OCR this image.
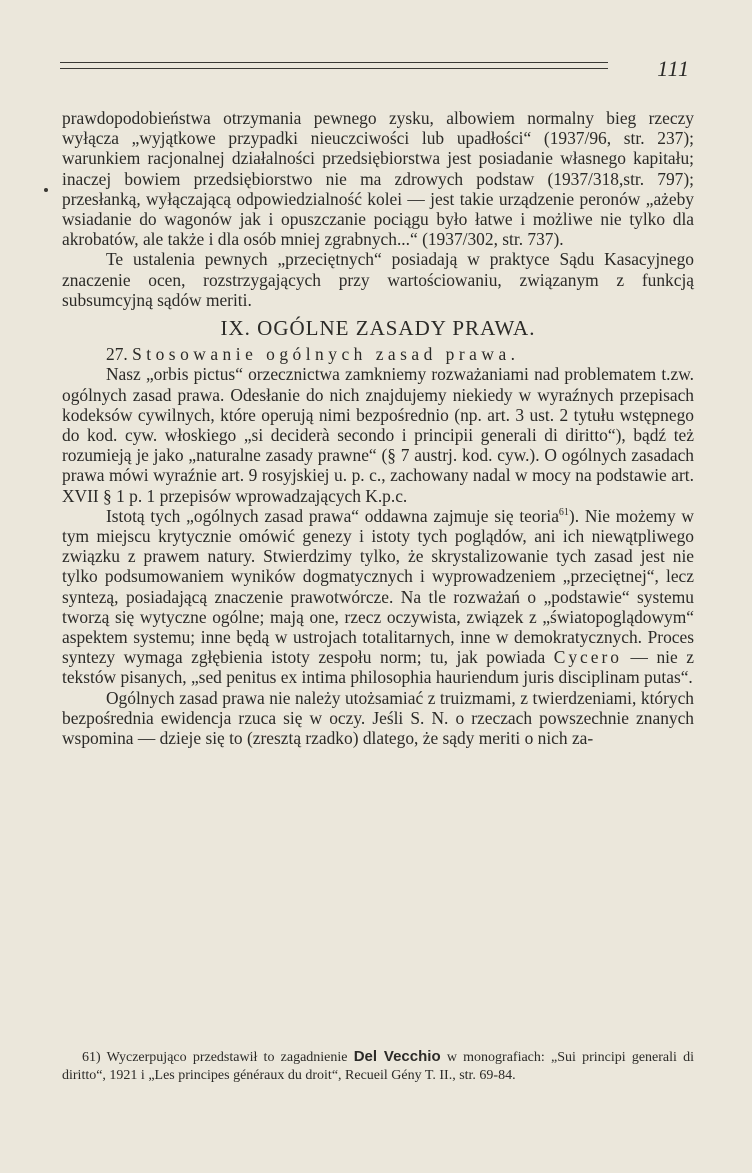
111

prawdopodobieństwa otrzymania pewnego zysku, albowiem normalny bieg rzeczy wyłącza „wyjątkowe przypadki nieuczciwości lub upadłości“ (1937/96, str. 237); warunkiem racjonalnej działalności przedsiębiorstwa jest posiadanie własnego kapitału; inaczej bowiem przedsiębiorstwo nie ma zdrowych podstaw (1937/318,str. 797); przesłanką, wyłączającą odpowiedzialność kolei — jest takie urządzenie peronów „ażeby wsiadanie do wagonów jak i opuszczanie pociągu było łatwe i możliwe nie tylko dla akrobatów, ale także i dla osób mniej zgrabnych...“ (1937/302, str. 737).

Te ustalenia pewnych „przeciętnych“ posiadają w praktyce Sądu Kasacyjnego znaczenie ocen, rozstrzygających przy wartościowaniu, związanym z funkcją subsumcyjną sądów meriti.

IX. OGÓLNE ZASADY PRAWA.

27. Stosowanie ogólnych zasad prawa.

Nasz „orbis pictus“ orzecznictwa zamkniemy rozważaniami nad problematem t.zw. ogólnych zasad prawa. Odesłanie do nich znajdujemy niekiedy w wyraźnych przepisach kodeksów cywilnych, które operują nimi bezpośrednio (np. art. 3 ust. 2 tytułu wstępnego do kod. cyw. włoskiego „si deciderà secondo i principii generali di diritto“), bądź też rozumieją je jako „naturalne zasady prawne“ (§ 7 austrj. kod. cyw.). O ogólnych zasadach prawa mówi wyraźnie art. 9 rosyjskiej u. p. c., zachowany nadal w mocy na podstawie art. XVII § 1 p. 1 przepisów wprowadzających K.p.c.

Istotą tych „ogólnych zasad prawa“ oddawna zajmuje się teoria$^{61}$). Nie możemy w tym miejscu krytycznie omówić genezy i istoty tych poglądów, ani ich niewątpliwego związku z prawem natury. Stwierdzimy tylko, że skrystalizowanie tych zasad jest nie tylko podsumowaniem wyników dogmatycznych i wyprowadzeniem „przeciętnej“, lecz syntezą, posiadającą znaczenie prawotwórcze. Na tle rozważań o „podstawie“ systemu tworzą się wytyczne ogólne; mają one, rzecz oczywista, związek z „światopoglądowym“ aspektem systemu; inne będą w ustrojach totalitarnych, inne w demokratycznych. Proces syntezy wymaga zgłębienia istoty zespołu norm; tu, jak powiada Cycero — nie z tekstów pisanych, „sed penitus ex intima philosophia hauriendum juris disciplinam putas“.

Ogólnych zasad prawa nie należy utożsamiać z truizmami, z twierdzeniami, których bezpośrednia ewidencja rzuca się w oczy. Jeśli S. N. o rzeczach powszechnie znanych wspomina — dzieje się to (zresztą rzadko) dlatego, że sądy meriti o nich za-

61) Wyczerpująco przedstawił to zagadnienie Del Vecchio w monografiach: „Sui principi generali di diritto“, 1921 i „Les principes généraux du droit“, Recueil Gény T. II., str. 69-84.
